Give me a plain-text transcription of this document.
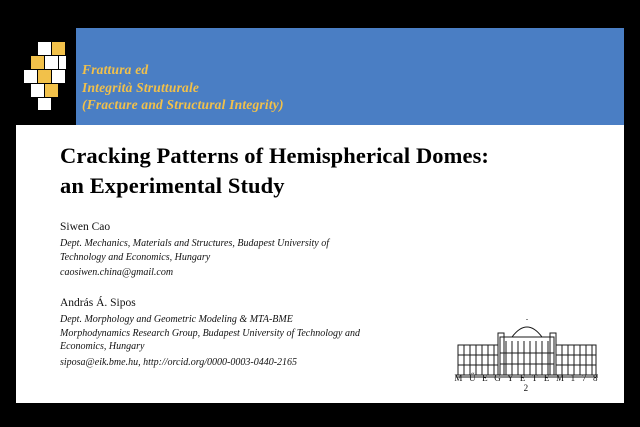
Frattura ed
Integrità Strutturale
(Fracture and Structural Integrity)
Cracking Patterns of Hemispherical Domes:
an Experimental Study
Siwen Cao
Dept. Mechanics, Materials and Structures, Budapest University of
Technology and Economics, Hungary
caosiwen.china@gmail.com
András Á. Sipos
Dept. Morphology and Geometric Modeling & MTA-BME
Morphodynamics Research Group, Budapest University of Technology and
Economics, Hungary
siposa@eik.bme.hu, http://orcid.org/0000-0003-0440-2165
M Ű E G Y E T E M 1 7 8 2
